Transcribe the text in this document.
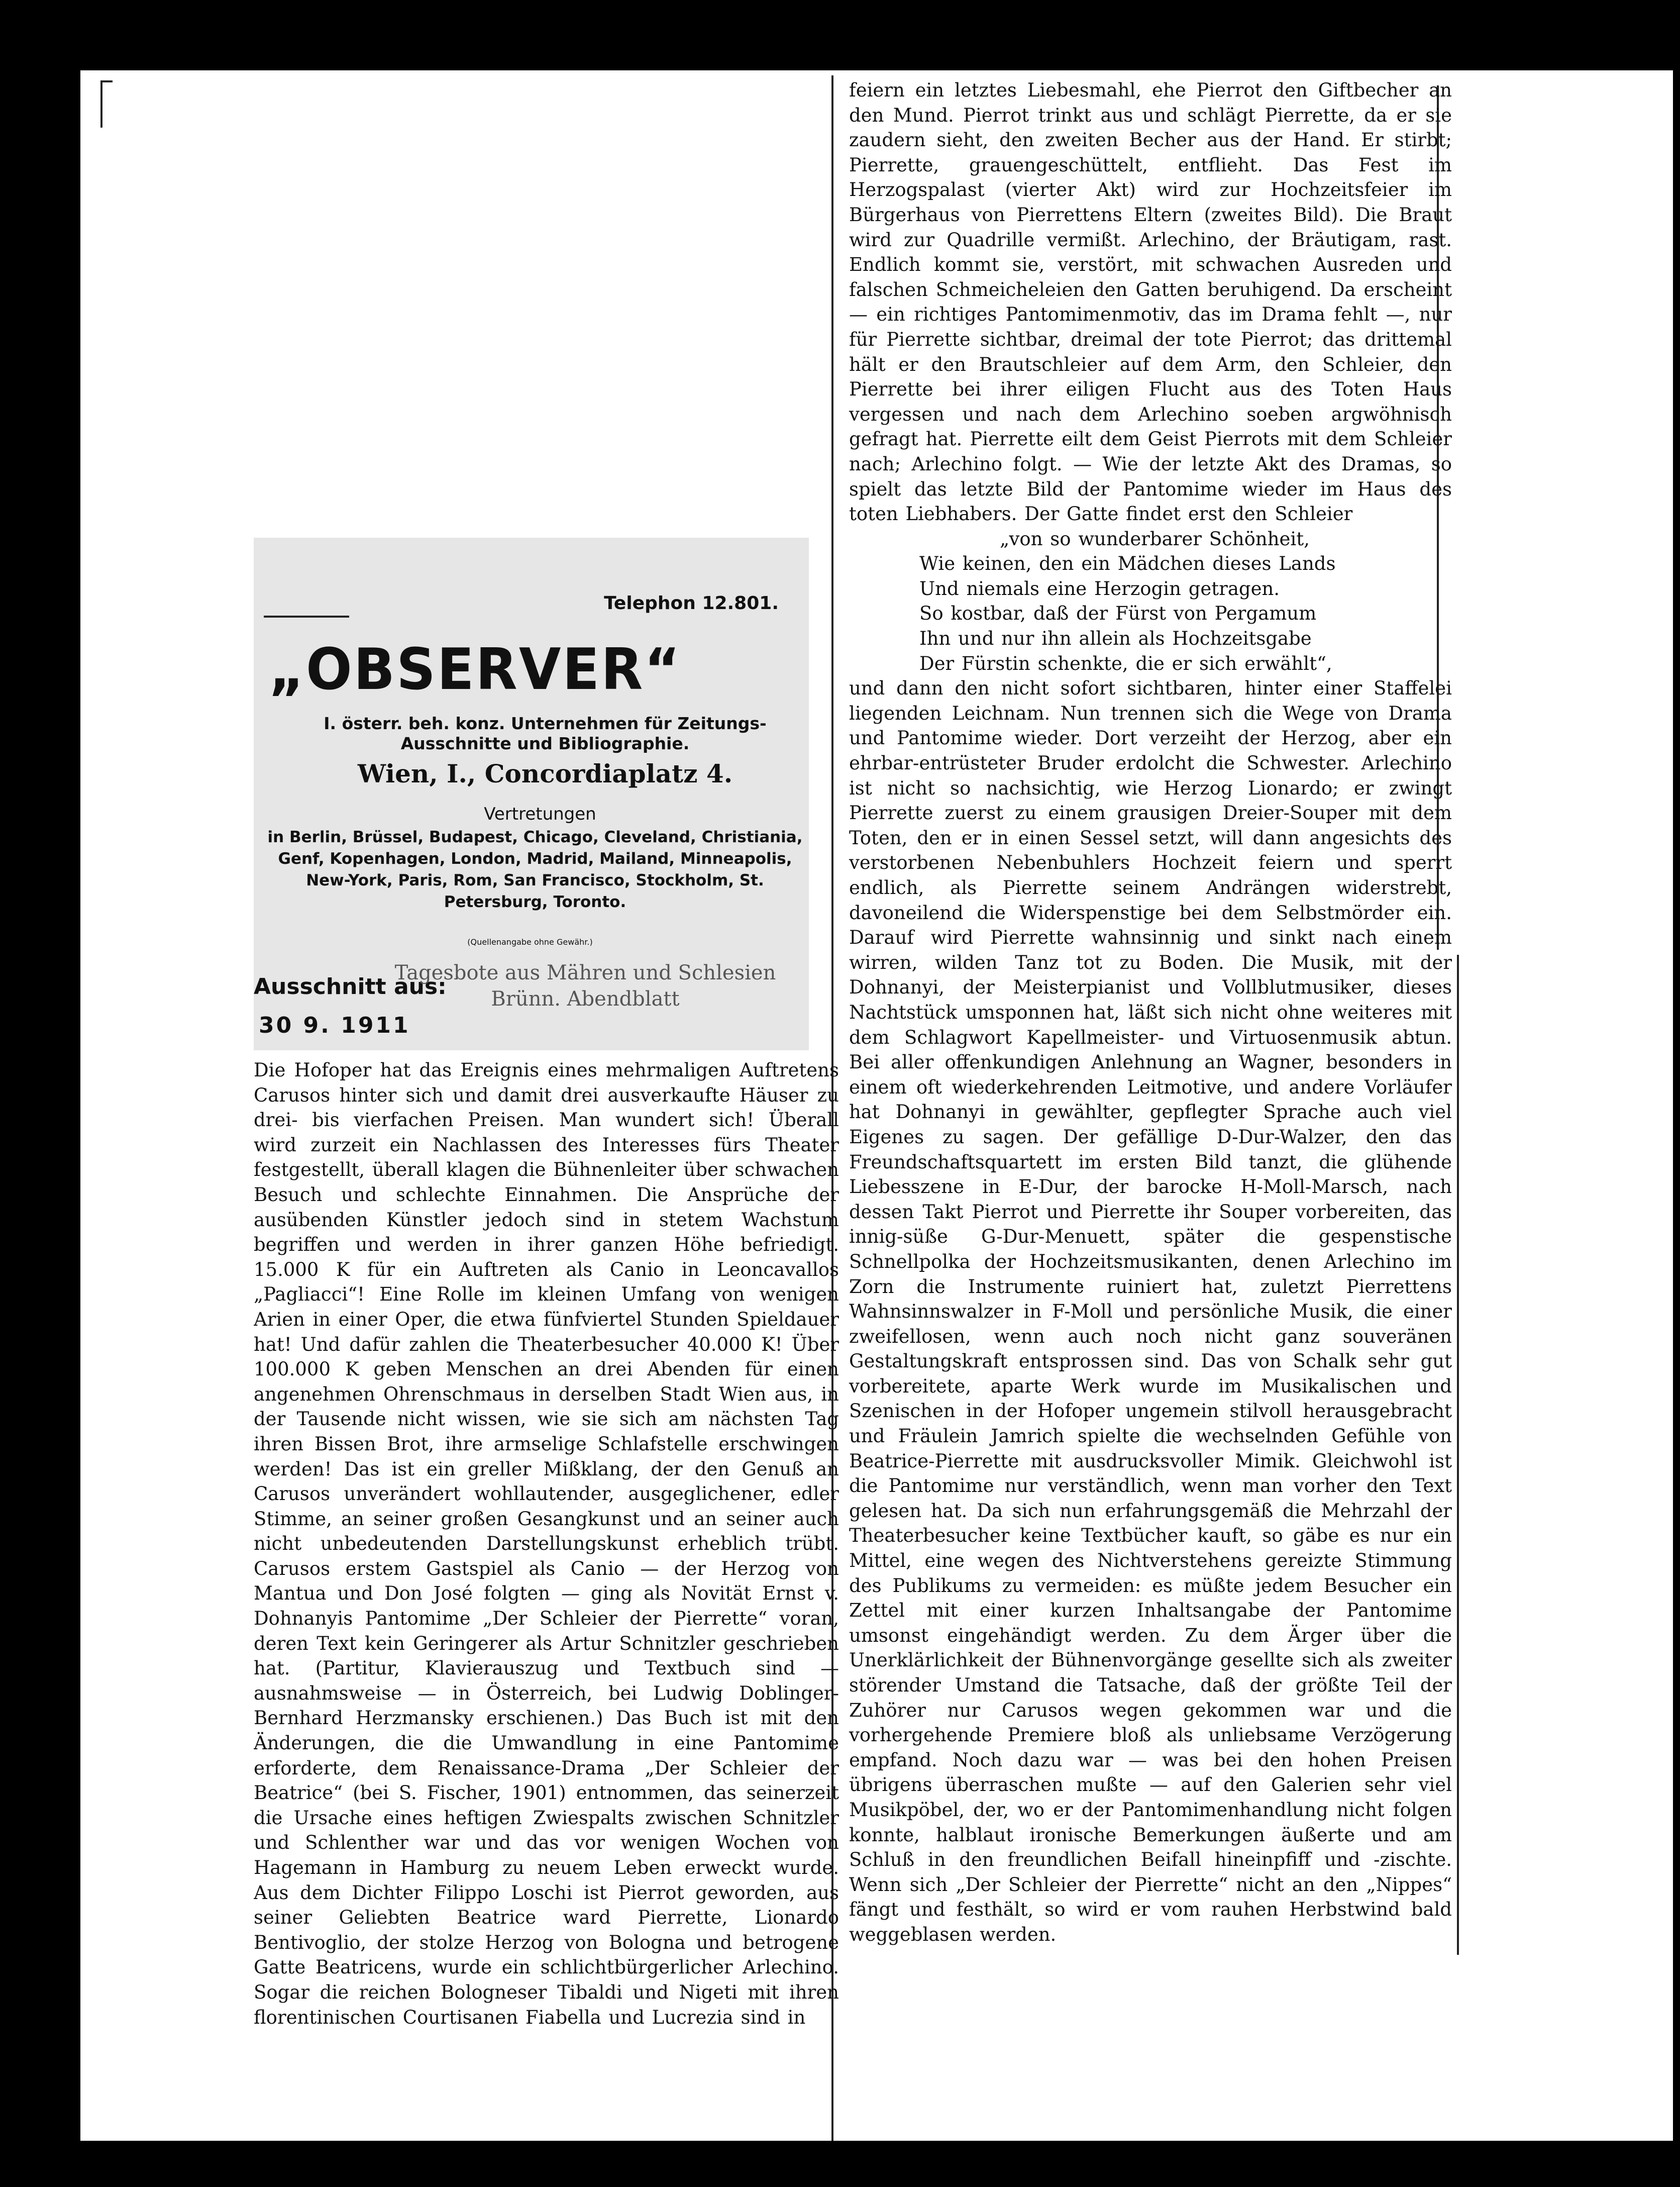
Telephon 12.801.
„OBSERVER“
I. österr. beh. konz. Unternehmen für Zeitungs-Ausschnitte und Bibliographie.
Wien, I., Concordiaplatz 4.
Vertretungen
in Berlin, Brüssel, Budapest, Chicago, Cleveland, Christiania, Genf, Kopenhagen, London, Madrid, Mailand, Minneapolis, New-York, Paris, Rom, San Francisco, Stockholm, St. Petersburg, Toronto.
(Quellenangabe ohne Gewähr.)
Ausschnitt aus:
Tagesbote aus Mähren und Schlesien Brünn. Abendblatt
30 9. 1911

Die Hofoper hat das Ereignis eines mehrmaligen Auftretens Carusos hinter sich und damit drei ausverkaufte Häuser zu drei- bis vierfachen Preisen. Man wundert sich! Überall wird zurzeit ein Nachlassen des Interesses fürs Theater festgestellt, überall klagen die Bühnenleiter über schwachen Besuch und schlechte Einnahmen. Die Ansprüche der ausübenden Künstler jedoch sind in stetem Wachstum begriffen und werden in ihrer ganzen Höhe befriedigt. 15.000 K für ein Auftreten als Canio in Leoncavallos „Pagliacci“! Eine Rolle im kleinen Umfang von wenigen Arien in einer Oper, die etwa fünfviertel Stunden Spieldauer hat! Und dafür zahlen die Theaterbesucher 40.000 K! Über 100.000 K geben Menschen an drei Abenden für einen angenehmen Ohrenschmaus in derselben Stadt Wien aus, in der Tausende nicht wissen, wie sie sich am nächsten Tag ihren Bissen Brot, ihre armselige Schlafstelle erschwingen werden! Das ist ein greller Mißklang, der den Genuß an Carusos unverändert wohllautender, ausgeglichener, edler Stimme, an seiner großen Gesangkunst und an seiner auch nicht unbedeutenden Darstellungskunst erheblich trübt. Carusos erstem Gastspiel als Canio — der Herzog von Mantua und Don José folgten — ging als Novität Ernst v. Dohnanyis Pantomime „Der Schleier der Pierrette“ voran, deren Text kein Geringerer als Artur Schnitzler geschrieben hat. (Partitur, Klavierauszug und Textbuch sind — ausnahmsweise — in Österreich, bei Ludwig Doblinger-Bernhard Herzmansky erschienen.) Das Buch ist mit den Änderungen, die die Umwandlung in eine Pantomime erforderte, dem Renaissance-Drama „Der Schleier der Beatrice“ (bei S. Fischer, 1901) entnommen, das seinerzeit die Ursache eines heftigen Zwiespalts zwischen Schnitzler und Schlenther war und das vor wenigen Wochen von Hagemann in Hamburg zu neuem Leben erweckt wurde. Aus dem Dichter Filippo Loschi ist Pierrot geworden, aus seiner Geliebten Beatrice ward Pierrette, Lionardo Bentivoglio, der stolze Herzog von Bologna und betrogene Gatte Beatricens, wurde ein schlichtbürgerlicher Arlechino. Sogar die reichen Bologneser Tibaldi und Nigeti mit ihren florentinischen Courtisanen Fiabella und Lucrezia sind in

feiern ein letztes Liebesmahl, ehe Pierrot den Giftbecher an den Mund. Pierrot trinkt aus und schlägt Pierrette, da er sie zaudern sieht, den zweiten Becher aus der Hand. Er stirbt; Pierrette, grauengeschüttelt, entflieht. Das Fest im Herzogspalast (vierter Akt) wird zur Hochzeitsfeier im Bürgerhaus von Pierrettens Eltern (zweites Bild). Die Braut wird zur Quadrille vermißt. Arlechino, der Bräutigam, rast. Endlich kommt sie, verstört, mit schwachen Ausreden und falschen Schmeicheleien den Gatten beruhigend. Da erscheint — ein richtiges Pantomimenmotiv, das im Drama fehlt —, nur für Pierrette sichtbar, dreimal der tote Pierrot; das drittemal hält er den Brautschleier auf dem Arm, den Schleier, den Pierrette bei ihrer eiligen Flucht aus des Toten Haus vergessen und nach dem Arlechino soeben argwöhnisch gefragt hat. Pierrette eilt dem Geist Pierrots mit dem Schleier nach; Arlechino folgt. — Wie der letzte Akt des Dramas, so spielt das letzte Bild der Pantomime wieder im Haus des toten Liebhabers. Der Gatte findet erst den Schleier

„von so wunderbarer Schönheit,
Wie keinen, den ein Mädchen dieses Lands
Und niemals eine Herzogin getragen.
So kostbar, daß der Fürst von Pergamum
Ihn und nur ihn allein als Hochzeitsgabe
Der Fürstin schenkte, die er sich erwählt“,

und dann den nicht sofort sichtbaren, hinter einer Staffelei liegenden Leichnam. Nun trennen sich die Wege von Drama und Pantomime wieder. Dort verzeiht der Herzog, aber ein ehrbar-entrüsteter Bruder erdolcht die Schwester. Arlechino ist nicht so nachsichtig, wie Herzog Lionardo; er zwingt Pierrette zuerst zu einem grausigen Dreier-Souper mit dem Toten, den er in einen Sessel setzt, will dann angesichts des verstorbenen Nebenbuhlers Hochzeit feiern und sperrt endlich, als Pierrette seinem Andrängen widerstrebt, davoneilend die Widerspenstige bei dem Selbstmörder ein. Darauf wird Pierrette wahnsinnig und sinkt nach einem wirren, wilden Tanz tot zu Boden. Die Musik, mit der Dohnanyi, der Meisterpianist und Vollblutmusiker, dieses Nachtstück umsponnen hat, läßt sich nicht ohne weiteres mit dem Schlagwort Kapellmeister- und Virtuosenmusik abtun. Bei aller offenkundigen Anlehnung an Wagner, besonders in einem oft wiederkehrenden Leitmotive, und andere Vorläufer hat Dohnanyi in gewählter, gepflegter Sprache auch viel Eigenes zu sagen. Der gefällige D-Dur-Walzer, den das Freundschaftsquartett im ersten Bild tanzt, die glühende Liebesszene in E-Dur, der barocke H-Moll-Marsch, nach dessen Takt Pierrot und Pierrette ihr Souper vorbereiten, das innig-süße G-Dur-Menuett, später die gespenstische Schnellpolka der Hochzeitsmusikanten, denen Arlechino im Zorn die Instrumente ruiniert hat, zuletzt Pierrettens Wahnsinnswalzer in F-Moll und persönliche Musik, die einer zweifellosen, wenn auch noch nicht ganz souveränen Gestaltungskraft entsprossen sind. Das von Schalk sehr gut vorbereitete, aparte Werk wurde im Musikalischen und Szenischen in der Hofoper ungemein stilvoll herausgebracht und Fräulein Jamrich spielte die wechselnden Gefühle von Beatrice-Pierrette mit ausdrucksvoller Mimik. Gleichwohl ist die Pantomime nur verständlich, wenn man vorher den Text gelesen hat. Da sich nun erfahrungsgemäß die Mehrzahl der Theaterbesucher keine Textbücher kauft, so gäbe es nur ein Mittel, eine wegen des Nichtverstehens gereizte Stimmung des Publikums zu vermeiden: es müßte jedem Besucher ein Zettel mit einer kurzen Inhaltsangabe der Pantomime umsonst eingehändigt werden. Zu dem Ärger über die Unerklärlichkeit der Bühnenvorgänge gesellte sich als zweiter störender Umstand die Tatsache, daß der größte Teil der Zuhörer nur Carusos wegen gekommen war und die vorhergehende Premiere bloß als unliebsame Verzögerung empfand. Noch dazu war — was bei den hohen Preisen übrigens überraschen mußte — auf den Galerien sehr viel Musikpöbel, der, wo er der Pantomimenhandlung nicht folgen konnte, halblaut ironische Bemerkungen äußerte und am Schluß in den freundlichen Beifall hineinpfiff und -zischte. Wenn sich „Der Schleier der Pierrette“ nicht an den „Nippes“ fängt und festhält, so wird er vom rauhen Herbstwind bald weggeblasen werden.
